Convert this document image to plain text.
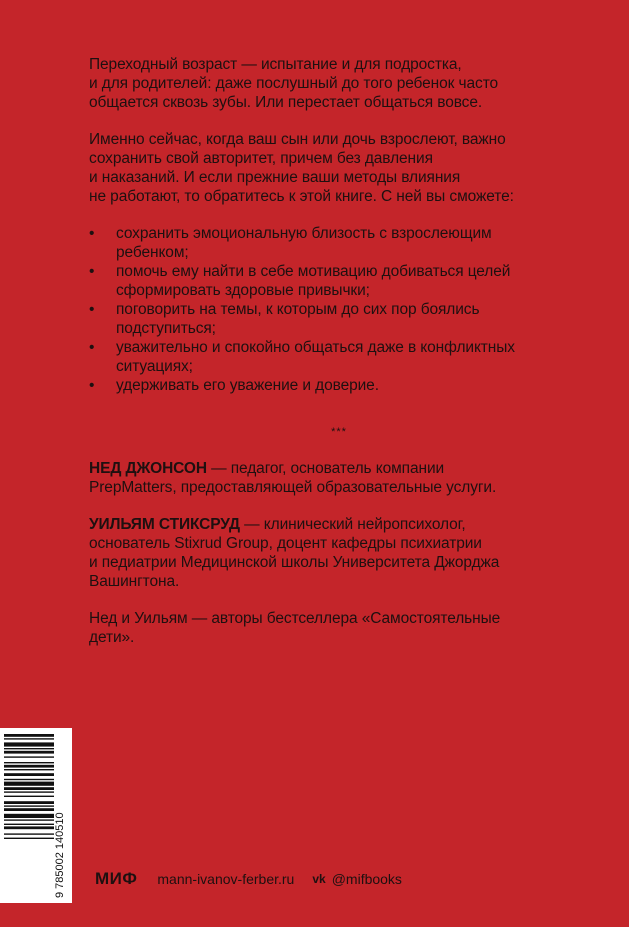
Переходный возраст — испытание и для подростка,
и для родителей: даже послушный до того ребенок часто
общается сквозь зубы. Или перестает общаться вовсе.

Именно сейчас, когда ваш сын или дочь взрослеют, важно
сохранить свой авторитет, причем без давления
и наказаний. И если прежние ваши методы влияния
не работают, то обратитесь к этой книге. С ней вы сможете:

• сохранить эмоциональную близость с взрослеющим
ребенком;
• помочь ему найти в себе мотивацию добиваться целей
сформировать здоровые привычки;
• поговорить на темы, к которым до сих пор боялись
подступиться;
• уважительно и спокойно общаться даже в конфликтных
ситуациях;
• удерживать его уважение и доверие.
***

НЕД ДЖОНСОН — педагог, основатель компании
PrepMatters, предоставляющей образовательные услуги.

УИЛЬЯМ СТИКСРУД — клинический нейропсихолог,
основатель Stixrud Group, доцент кафедры психиатрии
и педиатрии Медицинской школы Университета Джорджа
Вашингтона.

Нед и Уильям — авторы бестселлера «Самостоятельные
дети».

9 785002 140510 МИФ mann-ivanov-ferber.ru vk @mifbooks
